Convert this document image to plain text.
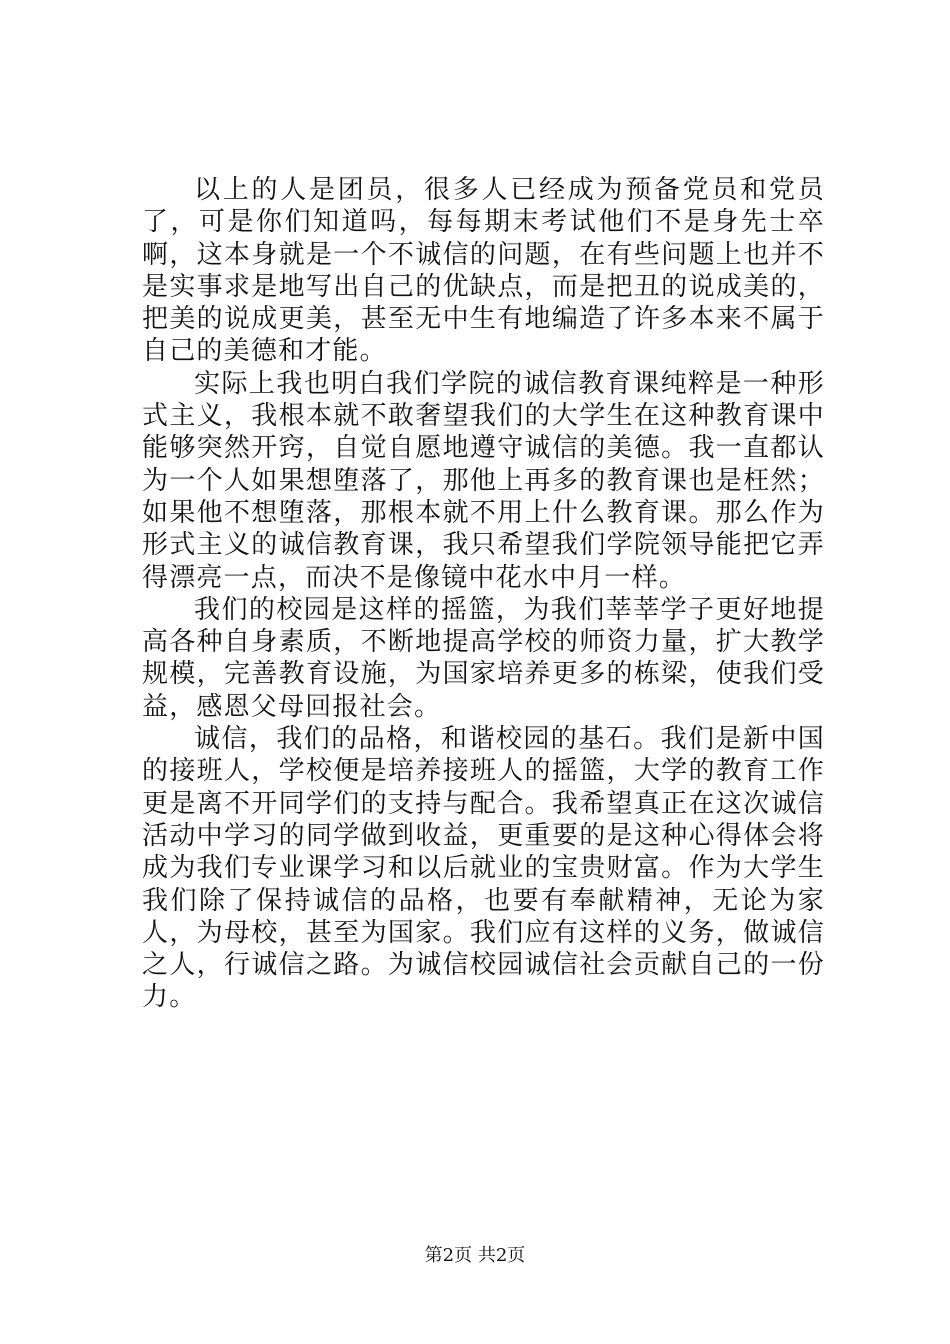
以上的人是团员，很多人已经成为预备党员和党员了，可是你们知道吗，每每期末考试他们不是身先士卒啊，这本身就是一个不诚信的问题，在有些问题上也并不是实事求是地写出自己的优缺点，而是把丑的说成美的，把美的说成更美，甚至无中生有地编造了许多本来不属于自己的美德和才能。

实际上我也明白我们学院的诚信教育课纯粹是一种形式主义，我根本就不敢奢望我们的大学生在这种教育课中能够突然开窍，自觉自愿地遵守诚信的美德。我一直都认为一个人如果想堕落了，那他上再多的教育课也是枉然；如果他不想堕落，那根本就不用上什么教育课。那么作为形式主义的诚信教育课，我只希望我们学院领导能把它弄得漂亮一点，而决不是像镜中花水中月一样。

我们的校园是这样的摇篮，为我们莘莘学子更好地提高各种自身素质，不断地提高学校的师资力量，扩大教学规模，完善教育设施，为国家培养更多的栋梁，使我们受益，感恩父母回报社会。

诚信，我们的品格，和谐校园的基石。我们是新中国的接班人，学校便是培养接班人的摇篮，大学的教育工作更是离不开同学们的支持与配合。我希望真正在这次诚信活动中学习的同学做到收益，更重要的是这种心得体会将成为我们专业课学习和以后就业的宝贵财富。作为大学生我们除了保持诚信的品格，也要有奉献精神，无论为家人，为母校，甚至为国家。我们应有这样的义务，做诚信之人，行诚信之路。为诚信校园诚信社会贡献自己的一份力。

第2页 共2页
